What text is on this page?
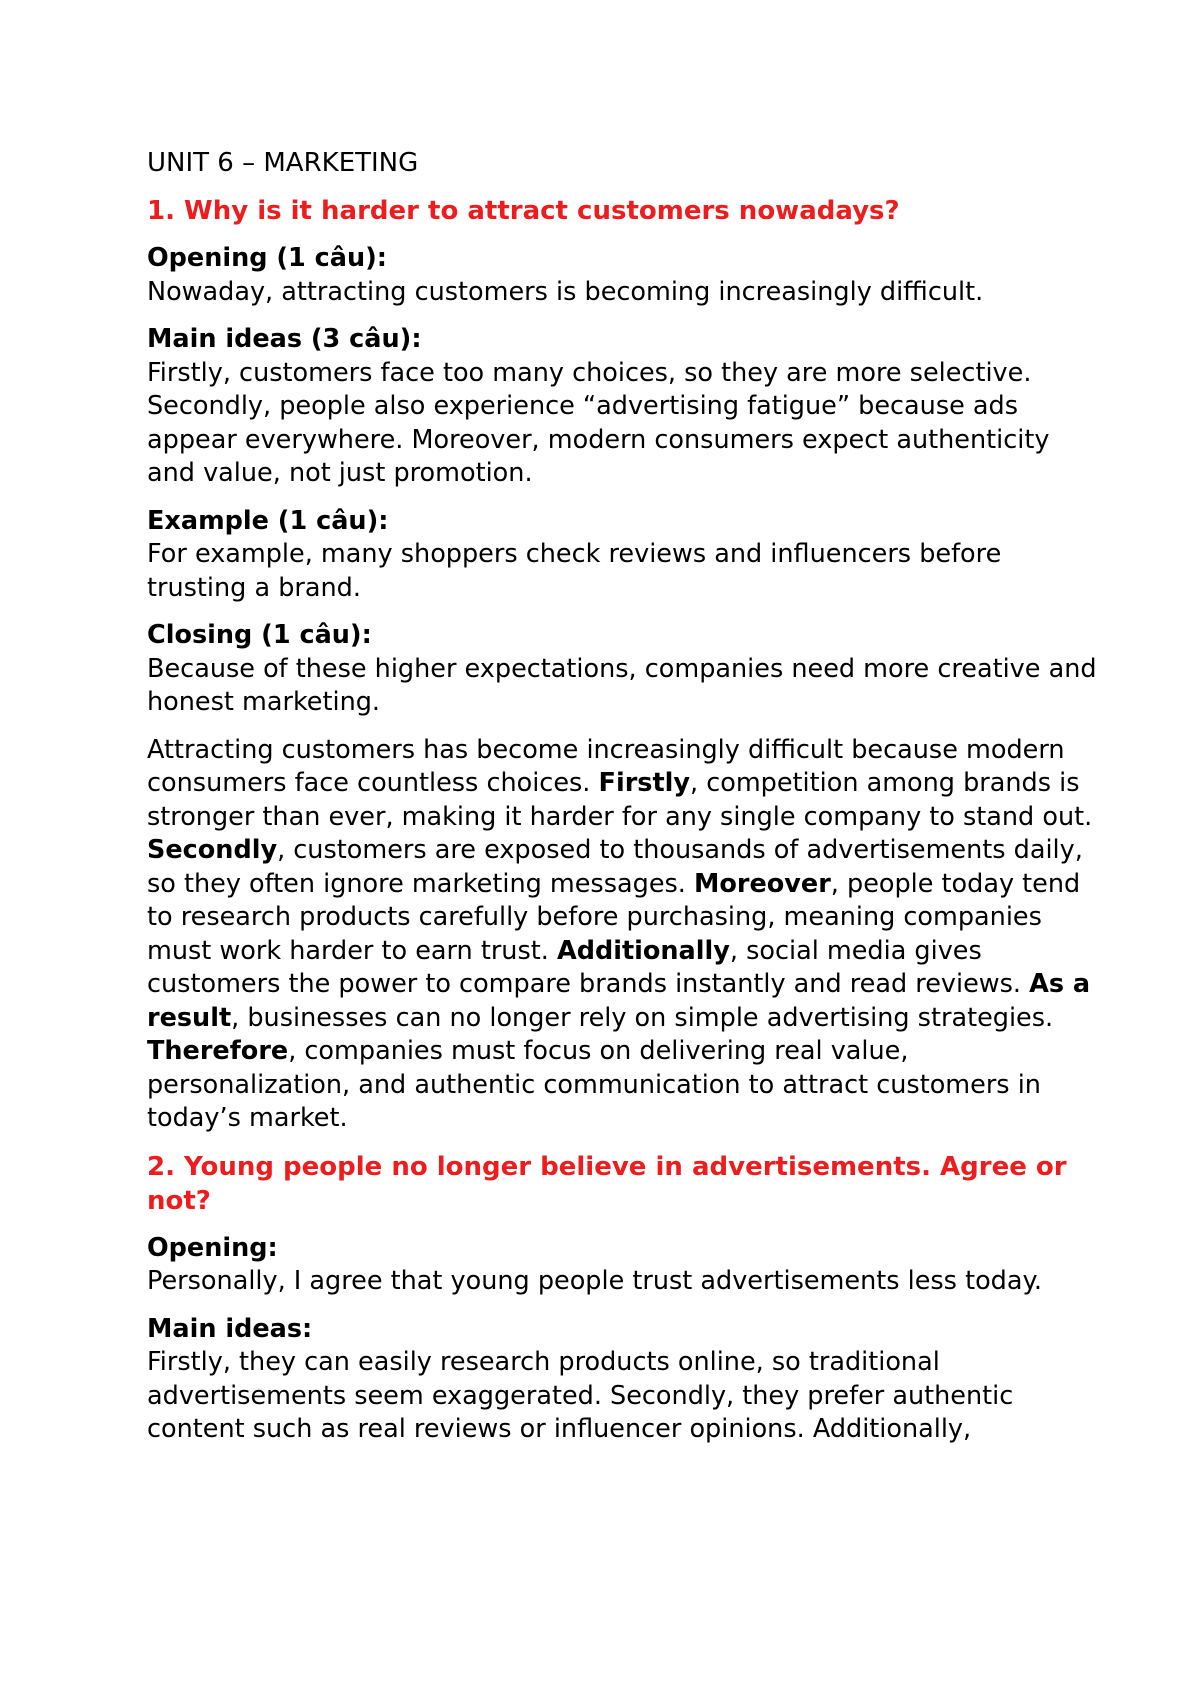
UNIT 6 – MARKETING
1. Why is it harder to attract customers nowadays?
Opening (1 câu):
Nowaday, attracting customers is becoming increasingly difficult.
Main ideas (3 câu):
Firstly, customers face too many choices, so they are more selective. Secondly, people also experience “advertising fatigue” because ads appear everywhere. Moreover, modern consumers expect authenticity and value, not just promotion.
Example (1 câu):
For example, many shoppers check reviews and influencers before trusting a brand.
Closing (1 câu):
Because of these higher expectations, companies need more creative and honest marketing.
Attracting customers has become increasingly difficult because modern consumers face countless choices. Firstly, competition among brands is stronger than ever, making it harder for any single company to stand out. Secondly, customers are exposed to thousands of advertisements daily, so they often ignore marketing messages. Moreover, people today tend to research products carefully before purchasing, meaning companies must work harder to earn trust. Additionally, social media gives customers the power to compare brands instantly and read reviews. As a result, businesses can no longer rely on simple advertising strategies. Therefore, companies must focus on delivering real value, personalization, and authentic communication to attract customers in today’s market.
2. Young people no longer believe in advertisements. Agree or not?
Opening:
Personally, I agree that young people trust advertisements less today.
Main ideas:
Firstly, they can easily research products online, so traditional advertisements seem exaggerated. Secondly, they prefer authentic content such as real reviews or influencer opinions. Additionally,
